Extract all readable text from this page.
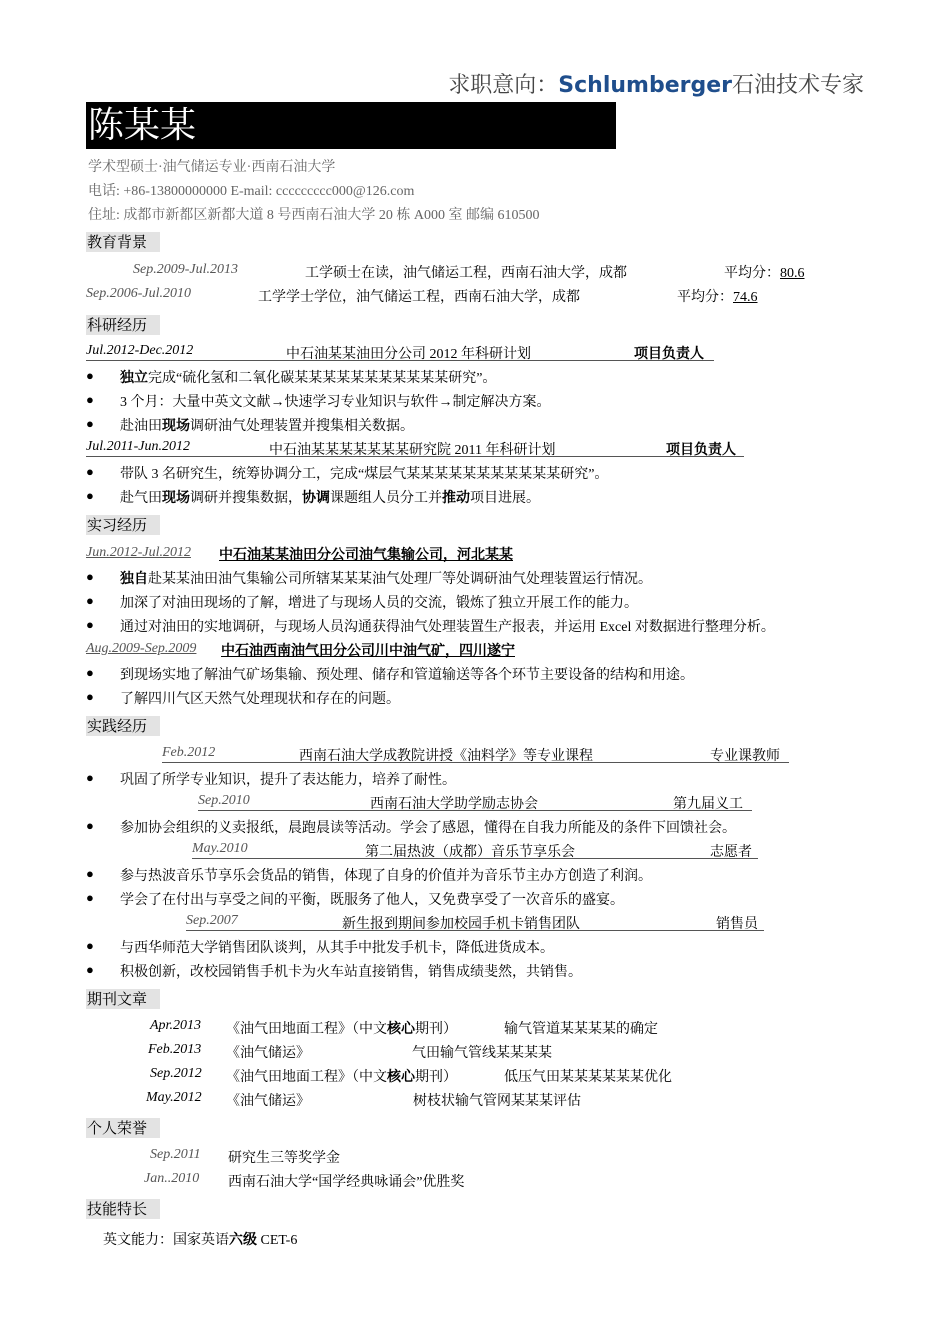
求职意向：Schlumberger石油技术专家
陈某某
学术型硕士·油气储运专业·西南石油大学
电话: +86-13800000000 E-mail: ccccccccc000@126.com
住址: 成都市新都区新都大道 8 号西南石油大学 20 栋 A000 室 邮编 610500
教育背景
Sep.2009-Jul.2013	工学硕士在读，油气储运工程，西南石油大学，成都	平均分：80.6
Sep.2006-Jul.2010	工学学士学位，油气储运工程，西南石油大学，成都	平均分：74.6
科研经历
Jul.2012-Dec.2012	中石油某某油田分公司 2012 年科研计划	项目负责人
● 独立完成“硫化氢和二氧化碳某某某某某某某某某某某研究”。
● 3 个月：大量中英文文献→快速学习专业知识与软件→制定解决方案。
● 赴油田现场调研油气处理装置并搜集相关数据。
Jul.2011-Jun.2012	中石油某某某某某某某研究院 2011 年科研计划	项目负责人
● 带队 3 名研究生，统筹协调分工，完成“煤层气某某某某某某某某某某某研究”。
● 赴气田现场调研并搜集数据，协调课题组人员分工并推动项目进展。
实习经历
Jun.2012-Jul.2012 中石油某某油田分公司油气集输公司，河北某某
● 独自赴某某油田油气集输公司所辖某某某油气处理厂等处调研油气处理装置运行情况。
● 加深了对油田现场的了解，增进了与现场人员的交流，锻炼了独立开展工作的能力。
● 通过对油田的实地调研，与现场人员沟通获得油气处理装置生产报表，并运用 Excel 对数据进行整理分析。
Aug.2009-Sep.2009 中石油西南油气田分公司川中油气矿，四川遂宁
● 到现场实地了解油气矿场集输、预处理、储存和管道输送等各个环节主要设备的结构和用途。
● 了解四川气区天然气处理现状和存在的问题。
实践经历
Feb.2012	西南石油大学成教院讲授《油料学》等专业课程	专业课教师
● 巩固了所学专业知识，提升了表达能力，培养了耐性。
Sep.2010	西南石油大学助学励志协会	第九届义工
● 参加协会组织的义卖报纸，晨跑晨读等活动。学会了感恩，懂得在自我力所能及的条件下回馈社会。
May.2010	第二届热波（成都）音乐节享乐会	志愿者
● 参与热波音乐节享乐会货品的销售，体现了自身的价值并为音乐节主办方创造了利润。
● 学会了在付出与享受之间的平衡，既服务了他人，又免费享受了一次音乐的盛宴。
Sep.2007	新生报到期间参加校园手机卡销售团队	销售员
● 与西华师范大学销售团队谈判，从其手中批发手机卡，降低进货成本。
● 积极创新，改校园销售手机卡为火车站直接销售，销售成绩斐然，共销售。
期刊文章
Apr.2013 《油气田地面工程》（中文核心期刊）	输气管道某某某某的确定
Feb.2013 《油气储运》	气田输气管线某某某某
Sep.2012 《油气田地面工程》（中文核心期刊）	低压气田某某某某某某优化
May.2012 《油气储运》	树枝状输气管网某某某评估
个人荣誉
Sep.2011 研究生三等奖学金
Jan..2010 西南石油大学“国学经典咏诵会”优胜奖
技能特长
英文能力：国家英语六级 CET-6
